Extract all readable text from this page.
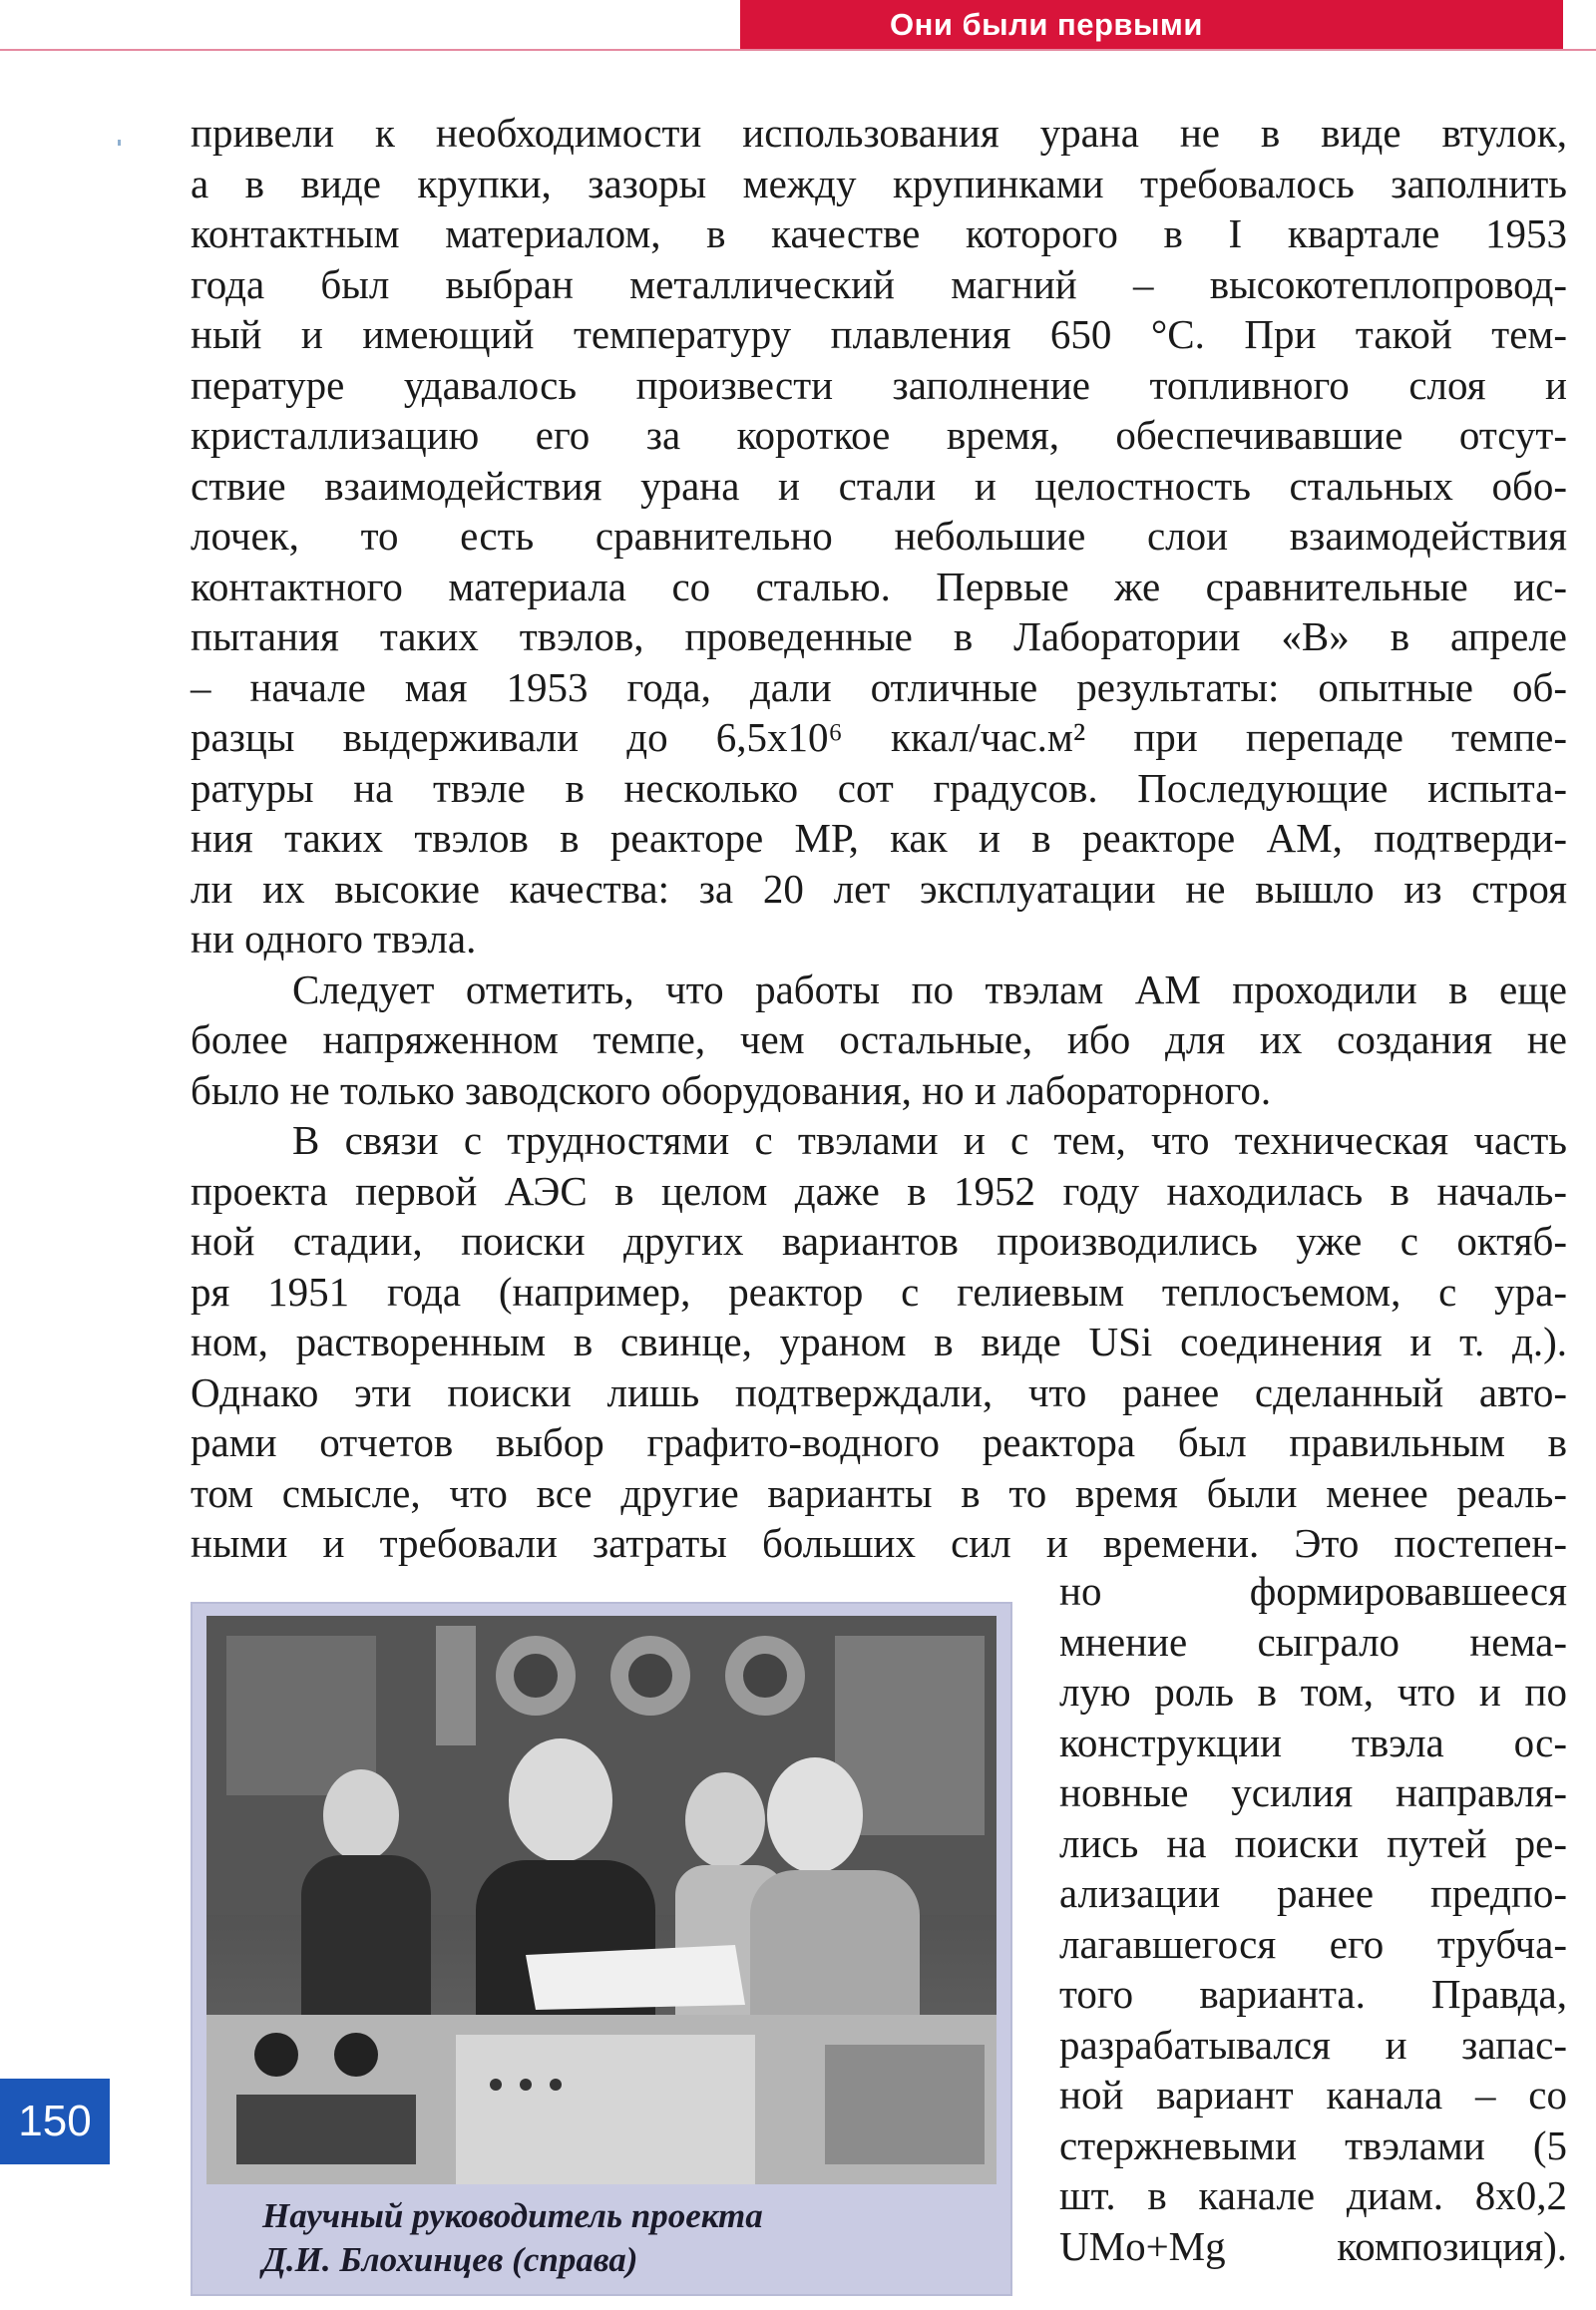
Они были первыми
привели к необходимости использования урана не в виде втулок,
а в виде крупки, зазоры между крупинками требовалось заполнить
контактным материалом, в качестве которого в I квартале 1953
года был выбран металлический магний – высокотеплопровод-
ный и имеющий температуру плавления 650 °С. При такой тем-
пературе удавалось произвести заполнение топливного слоя и
кристаллизацию его за короткое время, обеспечивавшие отсут-
ствие взаимодействия урана и стали и целостность стальных обо-
лочек, то есть сравнительно небольшие слои взаимодействия
контактного материала со сталью. Первые же сравнительные ис-
пытания таких твэлов, проведенные в Лаборатории «В» в апреле
– начале мая 1953 года, дали отличные результаты: опытные об-
разцы выдерживали до 6,5x10⁶ ккал/час.м² при перепаде темпе-
ратуры на твэле в несколько сот градусов. Последующие испыта-
ния таких твэлов в реакторе МР, как и в реакторе АМ, подтверди-
ли их высокие качества: за 20 лет эксплуатации не вышло из строя
ни одного твэла.
Следует отметить, что работы по твэлам АМ проходили в еще
более напряженном темпе, чем остальные, ибо для их создания не
было не только заводского оборудования, но и лабораторного.
В связи с трудностями с твэлами и с тем, что техническая часть
проекта первой АЭС в целом даже в 1952 году находилась в началь-
ной стадии, поиски других вариантов производились уже с октяб-
ря 1951 года (например, реактор с гелиевым теплосъемом, с ура-
ном, растворенным в свинце, ураном в виде USi соединения и т. д.).
Однако эти поиски лишь подтверждали, что ранее сделанный авто-
рами отчетов выбор графито-водного реактора был правильным в
том смысле, что все другие варианты в то время были менее реаль-
ными и требовали затраты больших сил и времени. Это постепен-
но формировавшееся
мнение сыграло нема-
лую роль в том, что и по
конструкции твэла ос-
новные усилия направля-
лись на поиски путей ре-
ализации ранее предпо-
лагавшегося его трубча-
того варианта. Правда,
разрабатывался и запас-
ной вариант канала – со
стержневыми твэлами (5
шт. в канале диам. 8x0,2
UMo+Mg композиция).
Научный руководитель проекта
Д.И. Блохинцев (справа)
150
